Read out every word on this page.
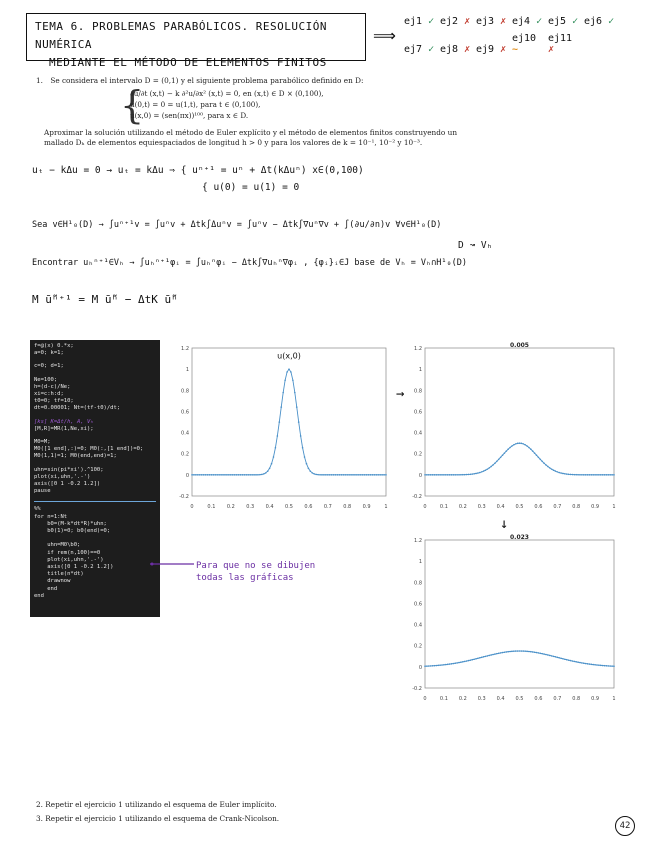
TEMA 6. PROBLEMAS PARABÓLICOS. RESOLUCIÓN NUMÉRICA
MEDIANTE EL MÉTODO DE ELEMENTOS FINITOS
⟹
ej1 ✓ ej2 ✗ ej3 ✗ ej4 ✓ ej5 ✓ ej6 ✓
ej7 ✓ ej8 ✗ ej9 ✗ej10 ~ej11 ✗
1. Se considera el intervalo D = (0,1) y el siguiente problema parabólico definido en D:
{
∂u/∂t (x,t) − k ∂²u/∂x² (x,t) = 0, en (x,t) ∈ D × (0,100),
u(0,t) = 0 = u(1,t), para t ∈ (0,100),
u(x,0) = (sen(πx))¹⁰⁰, para x ∈ D.
Aproximar la solución utilizando el método de Euler explícito y el método de elementos finitos construyendo un
mallado Dₕ de elementos equiespaciados de longitud h > 0 y para los valores de k = 10⁻¹, 10⁻² y 10⁻³.
uₜ − kΔu = 0 → uₜ = kΔu ⇒ { uⁿ⁺¹ = uⁿ + Δt(kΔuⁿ) x∈(0,100)
{ u(0) = u(1) = 0
Sea v∈H¹₀(D) → ∫uⁿ⁺¹v = ∫uⁿv + Δtk∫Δuⁿv = ∫uⁿv − Δtk∫∇uⁿ∇v + ∫(∂u/∂n)v ∀v∈H¹₀(D)
D ↝ Vₕ
Encontrar uₕⁿ⁺¹∈Vₕ → ∫uₕⁿ⁺¹φᵢ = ∫uₕⁿφᵢ − Δtk∫∇uₕⁿ∇φᵢ , {φᵢ}ᵢ∈J base de Vₕ = Vₕ∩H¹₀(D)
M ū̃ⁿ⁺¹ = M ū̃ⁿ − ΔtK ū̃ⁿ
f=@(x) 0.*x;
a=0; k=1;
c=0; d=1;
Ne=100;
h=(d-c)/Ne;
xi=c:h:d;
t0=0; tf=10;
dt=0.00001; Nt=(tf-t0)/dt;
[ks] K=Δt/h, A, Vₕ
[M,R]=MR(1,Ne,xi);
M0=M;
M0([1 end],:)=0; M0(:,[1 end])=0;
M0(1,1)=1; M0(end,end)=1;
uhn=sin(pi*xi').^100;
plot(xi,uhn,'.-')
axis([0 1 -0.2 1.2])
pause
%%
for n=1:Nt
b0=(M-k*dt*R)*uhn;
b0(1)=0; b0(end)=0;

uhn=M0\b0;
if rem(n,100)==0
plot(xi,uhn,'.-')
axis([0 1 -0.2 1.2])
title(n*dt)
drawnow
end
end
Para que no se dibujen
todas las gráficas
0	0.1 0.2 0.3 0.4 0.5 0.6 0.7 0.8 0.9	1
-0.2
0
0.2
0.4
0.6
0.8
1
1.2
u(x,0)
→
0	0.1 0.2 0.3 0.4 0.5 0.6 0.7 0.8 0.9	1
-0.2
0
0.2
0.4
0.6
0.8
1
1.2	0.005
↓
0	0.1 0.2 0.3 0.4 0.5 0.6 0.7 0.8 0.9	1
-0.2
0
0.2
0.4
0.6
0.8
1
1.2	0.023
2. Repetir el ejercicio 1 utilizando el esquema de Euler implícito.
3. Repetir el ejercicio 1 utilizando el esquema de Crank-Nicolson.
42
